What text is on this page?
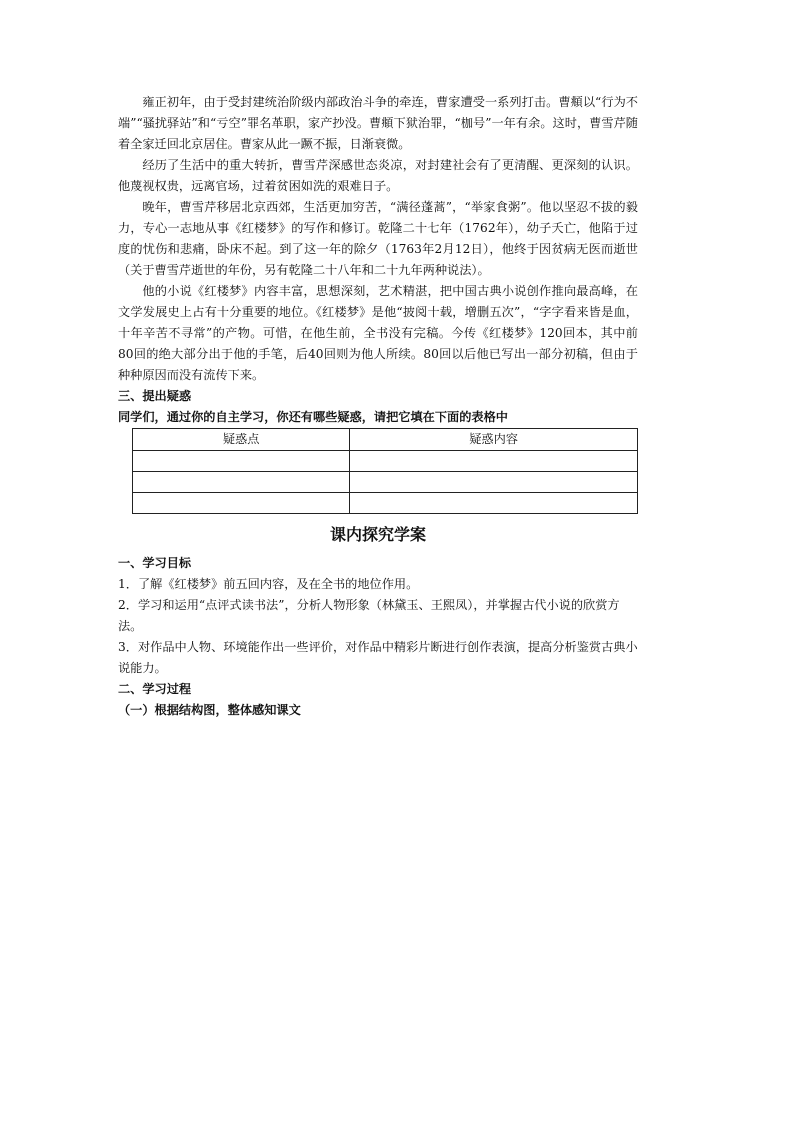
雍正初年，由于受封建统治阶级内部政治斗争的牵连，曹家遭受一系列打击。曹頫以“行为不端”“骚扰驿站”和“亏空”罪名革职，家产抄没。曹頫下狱治罪，“枷号”一年有余。这时，曹雪芹随着全家迁回北京居住。曹家从此一蹶不振，日渐衰微。

经历了生活中的重大转折，曹雪芹深感世态炎凉，对封建社会有了更清醒、更深刻的认识。他蔑视权贵，远离官场，过着贫困如洗的艰难日子。

晚年，曹雪芹移居北京西郊，生活更加穷苦，“满径蓬蒿”，“举家食粥”。他以坚忍不拔的毅力，专心一志地从事《红楼梦》的写作和修订。乾隆二十七年（1762年），幼子夭亡，他陷于过度的忧伤和悲痛，卧床不起。到了这一年的除夕（1763年2月12日），他终于因贫病无医而逝世（关于曹雪芹逝世的年份，另有乾隆二十八年和二十九年两种说法）。

他的小说《红楼梦》内容丰富，思想深刻，艺术精湛，把中国古典小说创作推向最高峰，在文学发展史上占有十分重要的地位。《红楼梦》是他“披阅十载，增删五次”，“字字看来皆是血，十年辛苦不寻常”的产物。可惜，在他生前，全书没有完稿。今传《红楼梦》120回本，其中前80回的绝大部分出于他的手笔，后40回则为他人所续。80回以后他已写出一部分初稿，但由于种种原因而没有流传下来。

三、提出疑惑

同学们，通过你的自主学习，你还有哪些疑惑，请把它填在下面的表格中

疑惑点	疑惑内容

课内探究学案

一、学习目标

1．了解《红楼梦》前五回内容，及在全书的地位作用。

2．学习和运用“点评式读书法”，分析人物形象（林黛玉、王熙凤），并掌握古代小说的欣赏方法。

3．对作品中人物、环境能作出一些评价，对作品中精彩片断进行创作表演，提高分析鉴赏古典小说能力。

二、学习过程

（一）根据结构图，整体感知课文
